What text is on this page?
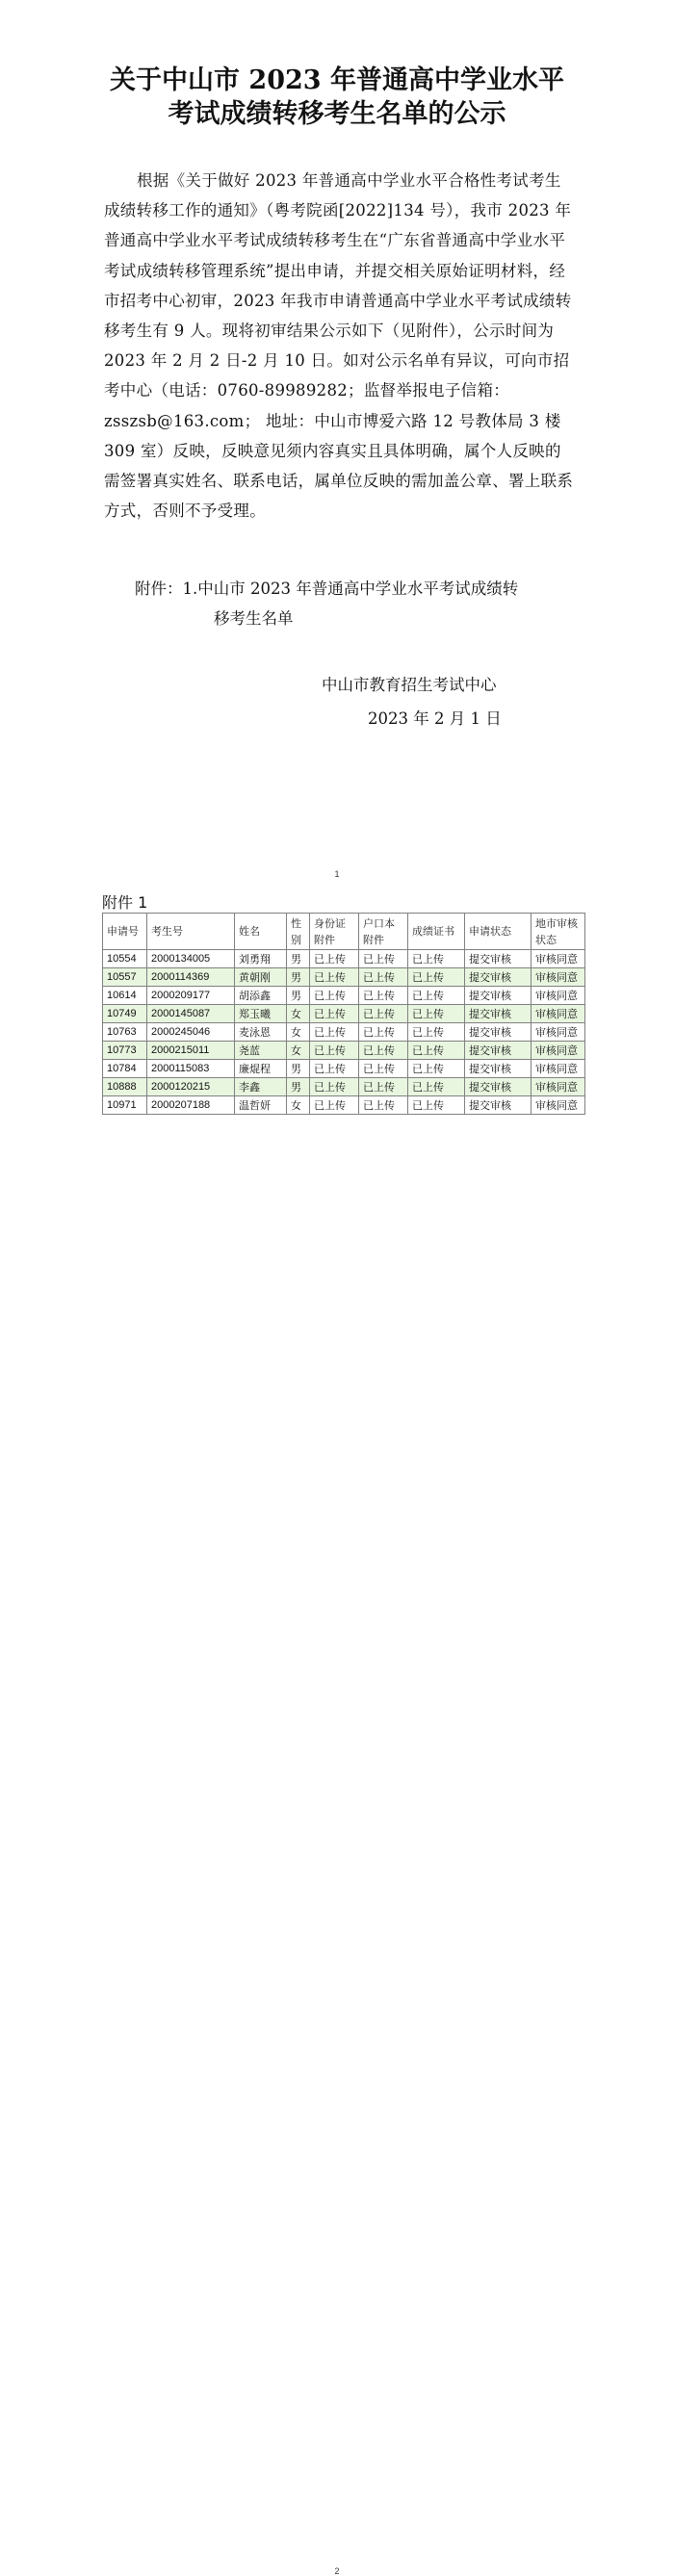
关于中山市 2023 年普通高中学业水平
考试成绩转移考生名单的公示

根据《关于做好 2023 年普通高中学业水平合格性考试考生成绩转移工作的通知》（粤考院函[2022]134 号），我市 2023 年普通高中学业水平考试成绩转移考生在“广东省普通高中学业水平考试成绩转移管理系统”提出申请，并提交相关原始证明材料，经市招考中心初审，2023 年我市申请普通高中学业水平考试成绩转移考生有 9 人。现将初审结果公示如下（见附件），公示时间为 2023 年 2 月 2 日-2 月 10 日。如对公示名单有异议，可向市招考中心（电话：0760-89989282；监督举报电子信箱：zsszsb@163.com； 地址：中山市博爱六路 12 号教体局 3 楼 309 室）反映，反映意见须内容真实且具体明确，属个人反映的需签署真实姓名、联系电话，属单位反映的需加盖公章、署上联系方式，否则不予受理。

附件：1.中山市 2023 年普通高中学业水平考试成绩转
移考生名单
中山市教育招生考试中心
2023 年 2 月 1 日
1
2
附件 1
申请号	考生号	姓名	性别	身份证附件	户口本附件	成绩证书	申请状态	地市审核状态
10554	2000134005	刘勇翔	男	已上传	已上传	已上传	提交审核	审核同意
10557	2000114369	黄朝刚	男	已上传	已上传	已上传	提交审核	审核同意
10614	2000209177	胡添鑫	男	已上传	已上传	已上传	提交审核	审核同意
10749	2000145087	郑玉曦	女	已上传	已上传	已上传	提交审核	审核同意
10763	2000245046	麦泳恩	女	已上传	已上传	已上传	提交审核	审核同意
10773	2000215011	尧蓝	女	已上传	已上传	已上传	提交审核	审核同意
10784	2000115083	廉焜程	男	已上传	已上传	已上传	提交审核	审核同意
10888	2000120215	李鑫	男	已上传	已上传	已上传	提交审核	审核同意
10971	2000207188	温哲妍	女	已上传	已上传	已上传	提交审核	审核同意
